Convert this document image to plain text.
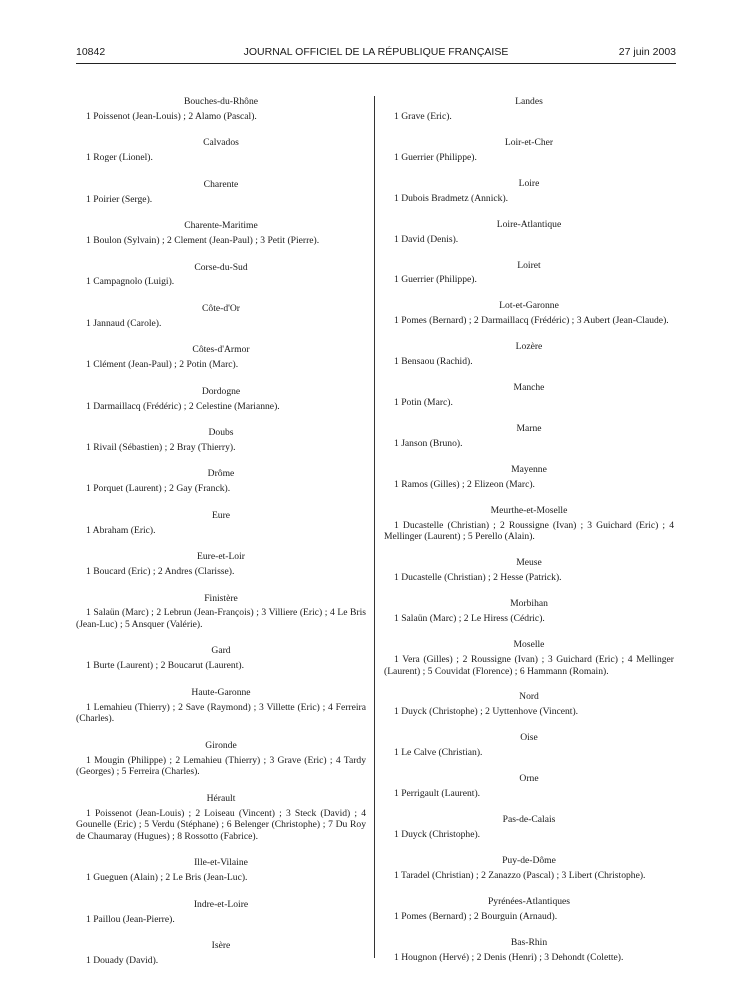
10842	JOURNAL OFFICIEL DE LA RÉPUBLIQUE FRANÇAISE	27 juin 2003
Bouches-du-Rhône
1 Poissenot (Jean-Louis) ; 2 Alamo (Pascal).
Calvados
1 Roger (Lionel).
Charente
1 Poirier (Serge).
Charente-Maritime
1 Boulon (Sylvain) ; 2 Clement (Jean-Paul) ; 3 Petit (Pierre).
Corse-du-Sud
1 Campagnolo (Luigi).
Côte-d'Or
1 Jannaud (Carole).
Côtes-d'Armor
1 Clément (Jean-Paul) ; 2 Potin (Marc).
Dordogne
1 Darmaillacq (Frédéric) ; 2 Celestine (Marianne).
Doubs
1 Rivail (Sébastien) ; 2 Bray (Thierry).
Drôme
1 Porquet (Laurent) ; 2 Gay (Franck).
Eure
1 Abraham (Eric).
Eure-et-Loir
1 Boucard (Eric) ; 2 Andres (Clarisse).
Finistère
1 Salaün (Marc) ; 2 Lebrun (Jean-François) ; 3 Villiere (Eric) ; 4 Le Bris (Jean-Luc) ; 5 Ansquer (Valérie).
Gard
1 Burte (Laurent) ; 2 Boucarut (Laurent).
Haute-Garonne
1 Lemahieu (Thierry) ; 2 Save (Raymond) ; 3 Villette (Eric) ; 4 Ferreira (Charles).
Gironde
1 Mougin (Philippe) ; 2 Lemahieu (Thierry) ; 3 Grave (Eric) ; 4 Tardy (Georges) ; 5 Ferreira (Charles).
Hérault
1 Poissenot (Jean-Louis) ; 2 Loiseau (Vincent) ; 3 Steck (David) ; 4 Gounelle (Eric) ; 5 Verdu (Stéphane) ; 6 Belenger (Christophe) ; 7 Du Roy de Chaumaray (Hugues) ; 8 Rossotto (Fabrice).
Ille-et-Vilaine
1 Gueguen (Alain) ; 2 Le Bris (Jean-Luc).
Indre-et-Loire
1 Paillou (Jean-Pierre).
Isère
1 Douady (David).
Landes
1 Grave (Eric).
Loir-et-Cher
1 Guerrier (Philippe).
Loire
1 Dubois Bradmetz (Annick).
Loire-Atlantique
1 David (Denis).
Loiret
1 Guerrier (Philippe).
Lot-et-Garonne
1 Pomes (Bernard) ; 2 Darmaillacq (Frédéric) ; 3 Aubert (Jean-Claude).
Lozère
1 Bensaou (Rachid).
Manche
1 Potin (Marc).
Marne
1 Janson (Bruno).
Mayenne
1 Ramos (Gilles) ; 2 Elizeon (Marc).
Meurthe-et-Moselle
1 Ducastelle (Christian) ; 2 Roussigne (Ivan) ; 3 Guichard (Eric) ; 4 Mellinger (Laurent) ; 5 Perello (Alain).
Meuse
1 Ducastelle (Christian) ; 2 Hesse (Patrick).
Morbihan
1 Salaün (Marc) ; 2 Le Hiress (Cédric).
Moselle
1 Vera (Gilles) ; 2 Roussigne (Ivan) ; 3 Guichard (Eric) ; 4 Mellinger (Laurent) ; 5 Couvidat (Florence) ; 6 Hammann (Romain).
Nord
1 Duyck (Christophe) ; 2 Uyttenhove (Vincent).
Oise
1 Le Calve (Christian).
Orne
1 Perrigault (Laurent).
Pas-de-Calais
1 Duyck (Christophe).
Puy-de-Dôme
1 Taradel (Christian) ; 2 Zanazzo (Pascal) ; 3 Libert (Christophe).
Pyrénées-Atlantiques
1 Pomes (Bernard) ; 2 Bourguin (Arnaud).
Bas-Rhin
1 Hougnon (Hervé) ; 2 Denis (Henri) ; 3 Dehondt (Colette).
